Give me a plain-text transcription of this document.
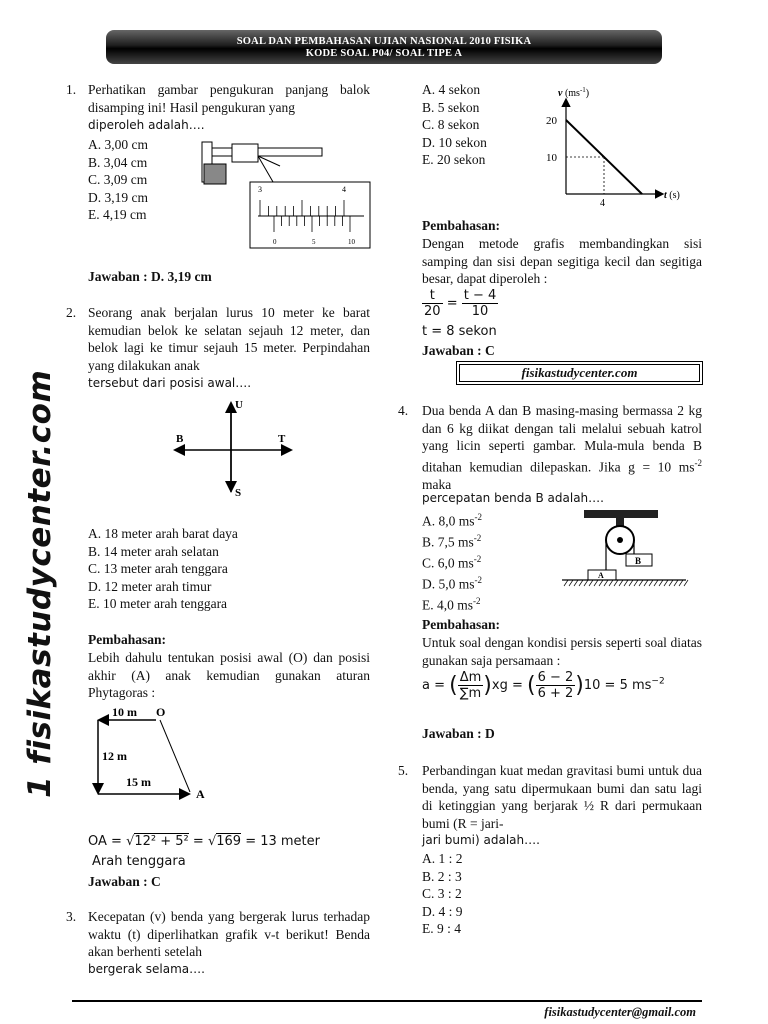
SOAL DAN PEMBAHASAN UJIAN NASIONAL 2010 FISIKA
KODE SOAL P04/ SOAL TIPE A
1 fisikastudycenter.com
1. Perhatikan gambar pengukuran panjang balok disamping ini! Hasil pengukuran yang
diperoleh adalah….
A. 3,00 cm
B. 3,04 cm
C. 3,09 cm
D. 3,19 cm
E. 4,19 cm
3	4
0	5	10
Jawaban : D. 3,19 cm
2. Seorang anak berjalan lurus 10 meter ke barat kemudian belok ke selatan sejauh 12 meter, dan belok lagi ke timur sejauh 15 meter. Perpindahan yang dilakukan anak
tersebut dari posisi awal….
U
S
B	T
A. 18 meter arah barat daya
B. 14 meter arah selatan
C. 13 meter arah tenggara
D. 12 meter arah timur
E. 10 meter arah tenggara
Pembahasan:
Lebih dahulu tentukan posisi awal (O) dan posisi akhir (A) anak kemudian gunakan aturan Phytagoras :
10 m O
12 m
15 m
A
OA = √12² + 5² = √169 = 13 meter
Arah tenggara
Jawaban : C
3. Kecepatan (v) benda yang bergerak lurus terhadap waktu (t) diperlihatkan grafik v-t berikut! Benda akan berhenti setelah
bergerak selama….
A. 4 sekon
B. 5 sekon
C. 8 sekon
D. 10 sekon
E. 20 sekon
v $(ms^{-1})$
20
10
4
t (s)
Pembahasan:
Dengan metode grafis membandingkan sisi samping dan sisi depan segitiga kecil dan segitiga besar, dapat diperoleh :
$\frac{t}{20} = \frac{t - 4}{10}$
t = 8 sekon
Jawaban : C
fisikastudycenter.com
4. Dua benda A dan B masing-masing bermassa 2 kg dan 6 kg diikat dengan tali melalui sebuah katrol yang licin seperti gambar. Mula-mula benda B ditahan kemudian dilepaskan. Jika g = 10 $ms^{-2}$ maka
percepatan benda B adalah….
A. 8,0 $ms^{-2}$
B. 7,5 $ms^{-2}$
C. 6,0 $ms^{-2}$
D. 5,0 $ms^{-2}$
E. 4,0 $ms^{-2}$
B
A
Pembahasan:
Untuk soal dengan kondisi persis seperti soal diatas gunakan saja persamaan :
a = ( $\frac{\Delta m}{\sum m} )xg$ = ( $\frac{6 - 2}{6 + 2} )10 = 5$ $ms^{-2}$
Jawaban : D
5. Perbandingan kuat medan gravitasi bumi untuk dua benda, yang satu dipermukaan bumi dan satu lagi di ketinggian yang berjarak ½ R dari permukaan bumi (R = jari-
jari bumi) adalah….
A. 1 : 2
B. 2 : 3
C. 3 : 2
D. 4 : 9
E. 9 : 4
fisikastudycenter@gmail.com
